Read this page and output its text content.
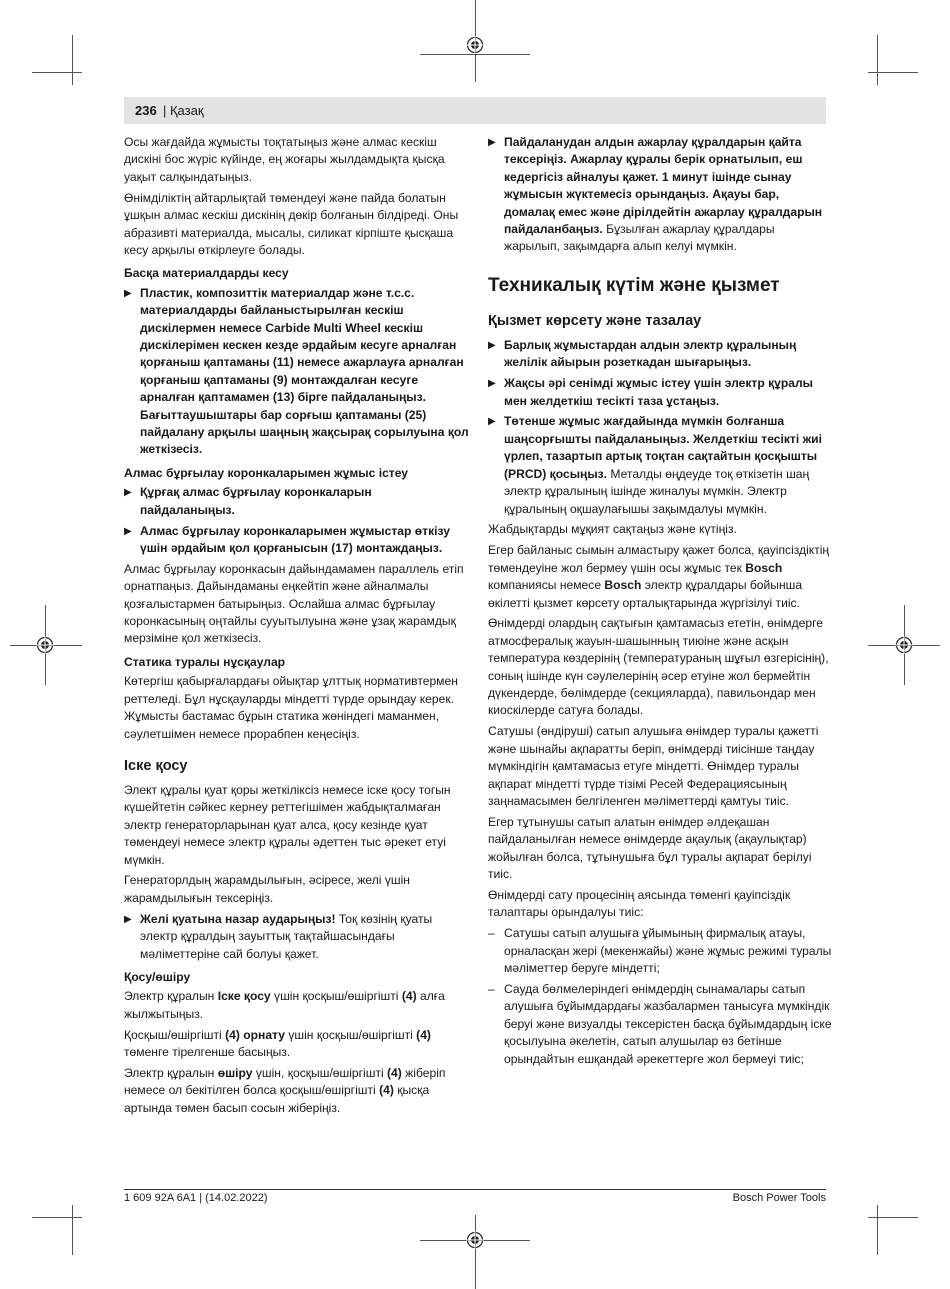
236 | Қазақ

Осы жағдайда жұмысты тоқтатыңыз және алмас кескіш дискіні бос жүріс күйінде, ең жоғары жылдамдықта қысқа уақыт салқындатыңыз.

Өнімділіктің айтарлықтай төмендеуі және пайда болатын ұшқын алмас кескіш дискінің дөкір болғанын білдіреді. Оны абразивті материалда, мысалы, силикат кірпіште қысқаша кесу арқылы өткірлеуге болады.

Басқа материалдарды кесу
▶ Пластик, композиттік материалдар және т.с.с. материалдарды байланыстырылған кескіш дискілермен немесе Carbide Multi Wheel кескіш дискілерімен кескен кезде әрдайым кесуге арналған қорғаныш қаптаманы (11) немесе ажарлауға арналған қорғаныш қаптаманы (9) монтаждалған кесуге арналған қаптамамен (13) бірге пайдаланыңыз. Бағыттаушыштары бар сорғыш қаптаманы (25) пайдалану арқылы шаңның жақсырақ сорылуына қол жеткізесіз.
Алмас бұрғылау коронкаларымен жұмыс істеу
▶ Құрғақ алмас бұрғылау коронкаларын пайдаланыңыз.
▶ Алмас бұрғылау коронкаларымен жұмыстар өткізу үшін әрдайым қол қорғанысын (17) монтаждаңыз.

Алмас бұрғылау коронкасын дайындамамен параллель етіп орнатпаңыз. Дайындаманы еңкейтіп және айналмалы қозғалыстармен батырыңыз. Ослайша алмас бұрғылау коронкасының оңтайлы сууытылуына және ұзақ жарамдық мерзіміне қол жеткізесіз.

Статика туралы нұсқаулар

Көтергіш қабырғалардағы ойықтар ұлттық нормативтермен реттеледі. Бұл нұсқауларды міндетті түрде орындау керек. Жұмысты бастамас бұрын статика жөніндегі маманмен, сәулетшімен немесе прорабпен кеңесіңіз.

Іске қосу

Элект құралы қуат қоры жеткіліксіз немесе іске қосу тогын күшейтетін сәйкес кернеу реттегішімен жабдықталмаған электр генераторларынан қуат алса, қосу кезінде қуат төмендеуі немесе электр құралы әдеттен тыс әрекет етуі мүмкін.

Генераторлдың жарамдылығын, әсіресе, желі үшін жарамдылығын тексеріңіз.

▶ Желі қуатына назар аударыңыз! Тоқ көзінің қуаты электр құралдың зауыттық тақтайшасындағы мәліметтеріне сай болуы қажет.
Қосу/өшіру

Электр құралын Іске қосу үшін қосқыш/өшіргішті (4) алға жылжытыңыз.

Қосқыш/өшіргішті (4) орнату үшін қосқыш/өшіргішті (4) төменге тірелгенше басыңыз.

Электр құралын өшіру үшін, қосқыш/өшіргішті (4) жіберіп немесе ол бекітілген болса қосқыш/өшіргішті (4) қысқа артында төмен басып сосын жіберіңіз.

▶ Пайдаланудан алдын ажарлау құралдарын қайта тексеріңіз. Ажарлау құралы берік орнатылып, еш кедергісіз айналуы қажет. 1 минут ішінде сынау жұмысын жүктемесіз орындаңыз. Ақауы бар, домалақ емес және дірілдейтін ажарлау құралдарын пайдаланбаңыз. Бұзылған ажарлау құралдары жарылып, зақымдарға алып келуі мүмкін.
Техникалық күтім және қызмет
Қызмет көрсету және тазалау
▶ Барлық жұмыстардан алдын электр құралының желілік айырын розеткадан шығарыңыз.
▶ Жақсы әрі сенімді жұмыс істеу үшін электр құралы мен желдеткіш тесікті таза ұстаңыз.
▶ Төтенше жұмыс жағдайында мүмкін болғанша шаңсорғышты пайдаланыңыз. Желдеткіш тесікті жиі үрлеп, тазартып артық тоқтан сақтайтын қосқышты (PRCD) қосыңыз. Металды өңдеуде тоқ өткізетін шаң электр құралының ішінде жиналуы мүмкін. Электр құралының оқшаулағышы зақымдалуы мүмкін.

Жабдықтарды мұқият сақтаңыз және күтіңіз.

Егер байланыс сымын алмастыру қажет болса, қауіпсіздіктің төмендеуіне жол бермеу үшін осы жұмыс тек Bosch компаниясы немесе Bosch электр құралдары бойынша өкілетті қызмет көрсету орталықтарында жүргізілуі тиіс.

Өнімдерді олардың сақтығын қамтамасыз ететін, өнімдерге атмосфералық жауын-шашынның тиюіне және асқын температура көздерінің (температураның шұғыл өзгерісінің), соның ішінде күн сәулелерінің әсер етуіне жол бермейтін дүкендерде, бөлімдерде (секцияларда), павильондар мен киоскілерде сатуға болады.

Сатушы (өндіруші) сатып алушыға өнімдер туралы қажетті және шынайы ақпаратты беріп, өнімдерді тиісінше таңдау мүмкіндігін қамтамасыз етуге міндетті. Өнімдер туралы ақпарат міндетті түрде тізімі Ресей Федерациясының заңнамасымен белгіленген мәліметтерді қамтуы тиіс.

Егер тұтынушы сатып алатын өнімдер әлдеқашан пайдаланылған немесе өнімдерде ақаулық (ақаулықтар) жойылған болса, тұтынушыға бұл туралы ақпарат берілуі тиіс.

Өнімдерді сату процесінің аясында төменгі қауіпсіздік талаптары орындалуы тиіс:

– Сатушы сатып алушыға ұйымының фирмалық атауы, орналасқан жері (мекенжайы) және жұмыс режимі туралы мәліметтер беруге міндетті;
– Сауда бөлмелеріндегі өнімдердің сынамалары сатып алушыға бұйымдардағы жазбалармен танысуға мүмкіндік беруі және визуалды тексерістен басқа бұйымдардың іске қосылуына әкелетін, сатып алушылар өз бетінше орындайтын ешқандай әрекеттерге жол бермеуі тиіс;
1 609 92A 6A1 | (14.02.2022)	Bosch Power Tools
